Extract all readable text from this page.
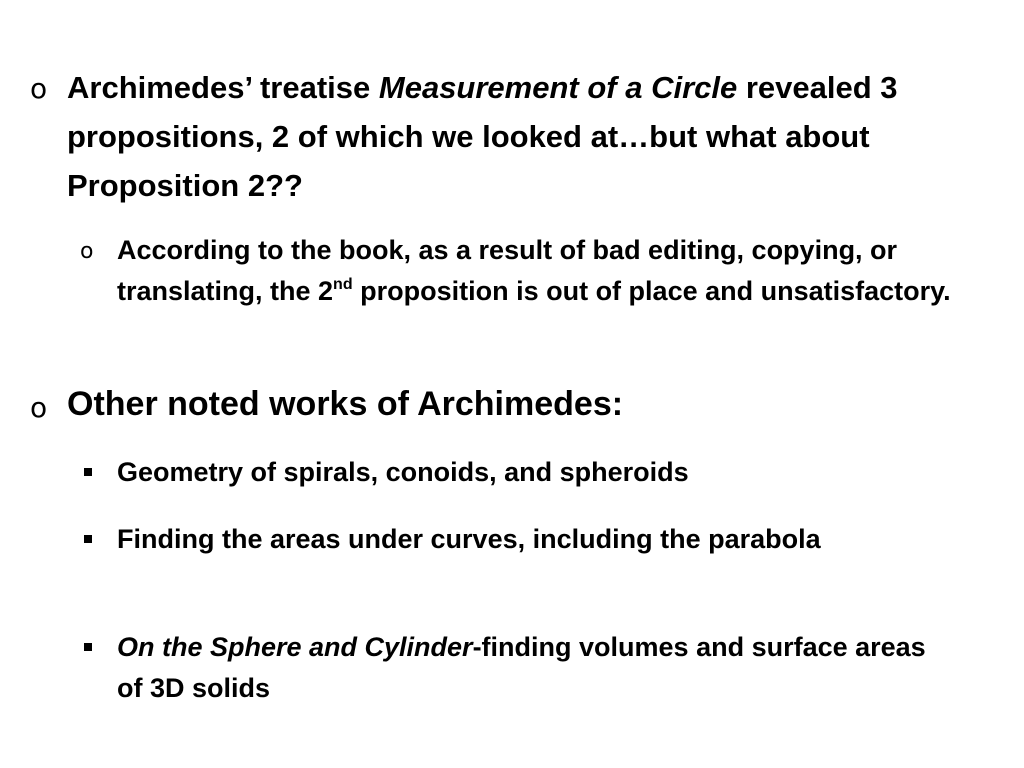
o Archimedes’ treatise Measurement of a Circle revealed 3 propositions, 2 of which we looked at…but what about Proposition 2??
o According to the book, as a result of bad editing, copying, or translating, the 2nd proposition is out of place and unsatisfactory.
o Other noted works of Archimedes:
Geometry of spirals, conoids, and spheroids
Finding the areas under curves, including the parabola
On the Sphere and Cylinder-finding volumes and surface areas of 3D solids
